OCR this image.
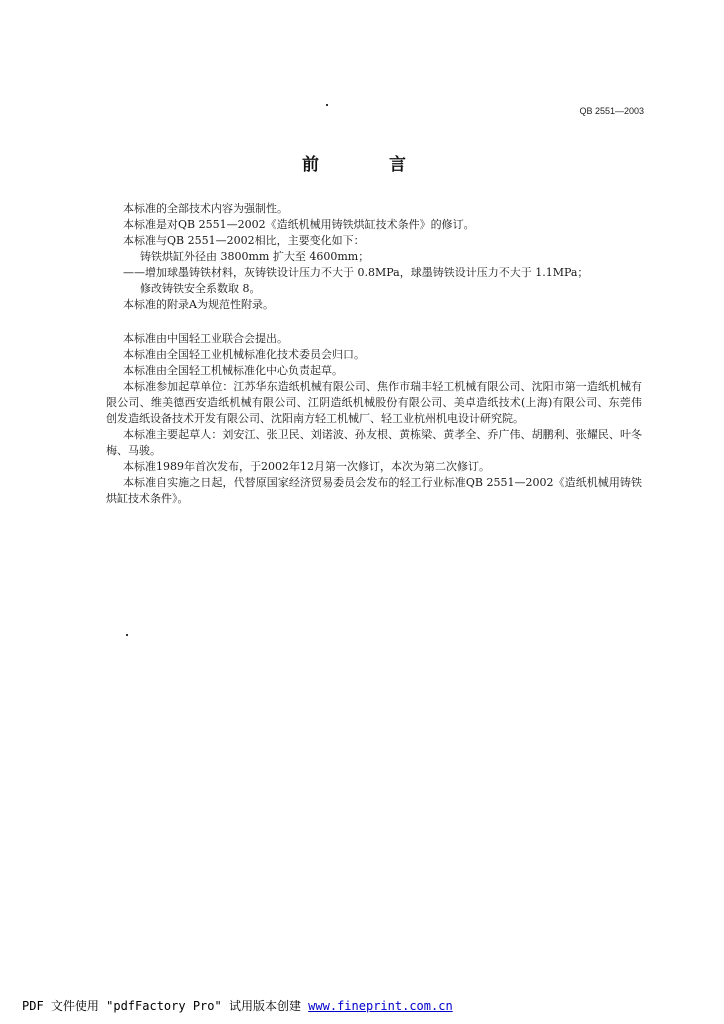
QB 2551—2003
前 言

本标准的全部技术内容为强制性。

本标准是对QB 2551—2002《造纸机械用铸铁烘缸技术条件》的修订。

本标准与QB 2551—2002相比，主要变化如下：

铸铁烘缸外径由 3800mm 扩大至 4600mm；

——增加球墨铸铁材料，灰铸铁设计压力不大于 0.8MPa，球墨铸铁设计压力不大于 1.1MPa；

修改铸铁安全系数取 8。

本标准的附录A为规范性附录。

本标准由中国轻工业联合会提出。

本标准由全国轻工业机械标准化技术委员会归口。

本标准由全国轻工机械标准化中心负责起草。

本标准参加起草单位：江苏华东造纸机械有限公司、焦作市瑞丰轻工机械有限公司、沈阳市第一造纸机械有限公司、维美德西安造纸机械有限公司、江阴造纸机械股份有限公司、美卓造纸技术(上海)有限公司、东莞伟创发造纸设备技术开发有限公司、沈阳南方轻工机械厂、轻工业杭州机电设计研究院。

本标准主要起草人：刘安江、张卫民、刘诺波、孙友根、黄栋梁、黄孝全、乔广伟、胡鹏利、张耀民、叶冬梅、马骏。

本标准1989年首次发布，于2002年12月第一次修订，本次为第二次修订。

本标准自实施之日起，代替原国家经济贸易委员会发布的轻工行业标准QB 2551—2002《造纸机械用铸铁烘缸技术条件》。

PDF 文件使用 "pdfFactory Pro" 试用版本创建 www.fineprint.com.cn
